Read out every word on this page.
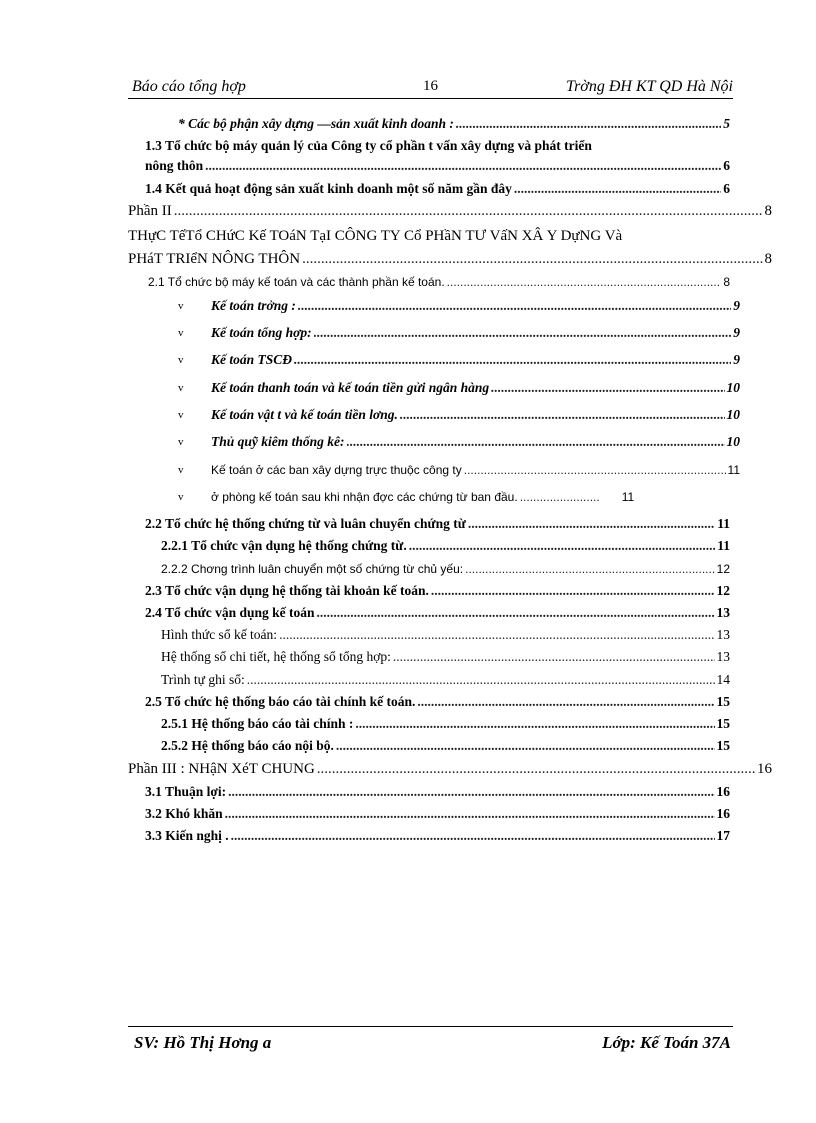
Báo cáo tổng hợp	16	Trờng ĐH KT QD Hà Nội
* Các bộ phận xây dựng —sản xuất kinh doanh : .....	5
1.3 Tổ chức bộ máy quản lý của Công ty cổ phần t vấn xây dựng và phát triển
nông thôn .....	6
1.4 Kết quả hoạt động sản xuất kinh doanh một số năm gần đây .....	6
Phần II .....	8
THựC TếTổ CHứC Kế TOáN TạI CÔNG TY Cổ PHầN TƯ VấN XÂ Y DựNG Và
PHáT TRIểN NÔNG THÔN .....	8
2.1 Tổ chức bộ máy kế toán và các thành phần kế toán. .....	8
v Kế toán trởng : .....	9
v Kế toán tổng hợp: .....	9
v Kế toán TSCĐ .....	9
v Kế toán thanh toán và kế toán tiền gửi ngân hàng .....	10
v Kế toán vật t và kế toán tiền lơng. .....	10
v Thủ quỹ kiêm thống kê: .....	10
v Kế toán ở các ban xây dựng trực thuộc công ty .....	11
v ở phòng kế toán sau khi nhận đợc các chứng từ ban đầu. .....	11
2.2 Tổ chức hệ thống chứng từ và luân chuyển chứng từ .....	11
2.2.1 Tổ chức vận dụng hệ thống chứng từ. .....	11
2.2.2 Chơng trình luân chuyển một số chứng từ chủ yếu: .....	12
2.3 Tổ chức vận dụng hệ thống tài khoản kế toán. .....	12
2.4 Tổ chức vận dụng kế toán .....	13
Hình thức sổ kế toán: .....	13
Hệ thống sổ chi tiết, hệ thống sổ tổng hợp: .....	13
Trình tự ghi sổ: .....	14
2.5 Tổ chức hệ thống báo cáo tài chính kế toán. .....	15
2.5.1 Hệ thống báo cáo tài chính : .....	15
2.5.2 Hệ thống báo cáo nội bộ. .....	15
Phần III : NHậN XéT CHUNG .....	16
3.1 Thuận lợi: .....	16
3.2 Khó khăn .....	16
3.3 Kiến nghị . .....	17
SV: Hồ Thị Hơng a	Lớp: Kế Toán 37A
